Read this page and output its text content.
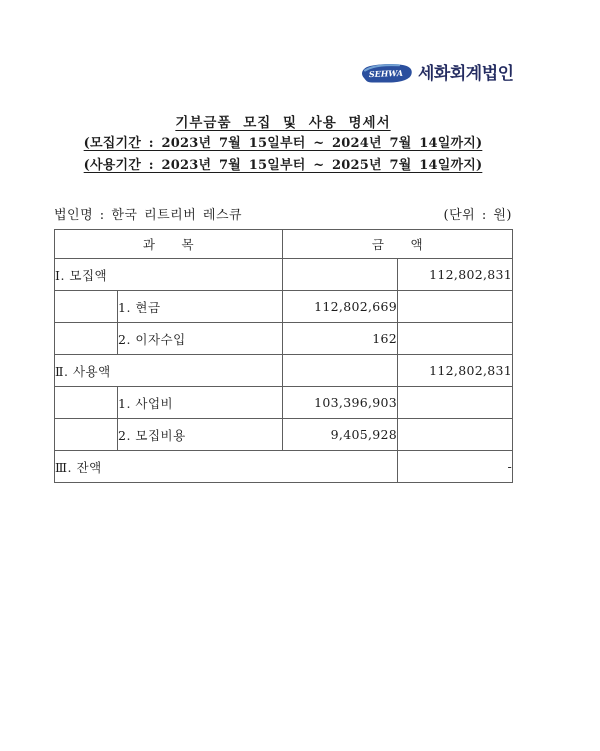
SEHWA 세화회계법인
기부금품 모집 및 사용 명세서
(모집기간 : 2023년 7월 15일부터 ~ 2024년 7월 14일까지)
(사용기간 : 2023년 7월 15일부터 ~ 2025년 7월 14일까지)
법인명 : 한국 리트리버 레스큐	(단위 : 원)
과　　목		금　　액	
Ⅰ. 모집액			112,802,831
	1. 현금	112,802,669	
	2. 이자수입	162	
Ⅱ. 사용액			112,802,831
	1. 사업비	103,396,903	
	2. 모집비용	9,405,928	
Ⅲ. 잔액			-
